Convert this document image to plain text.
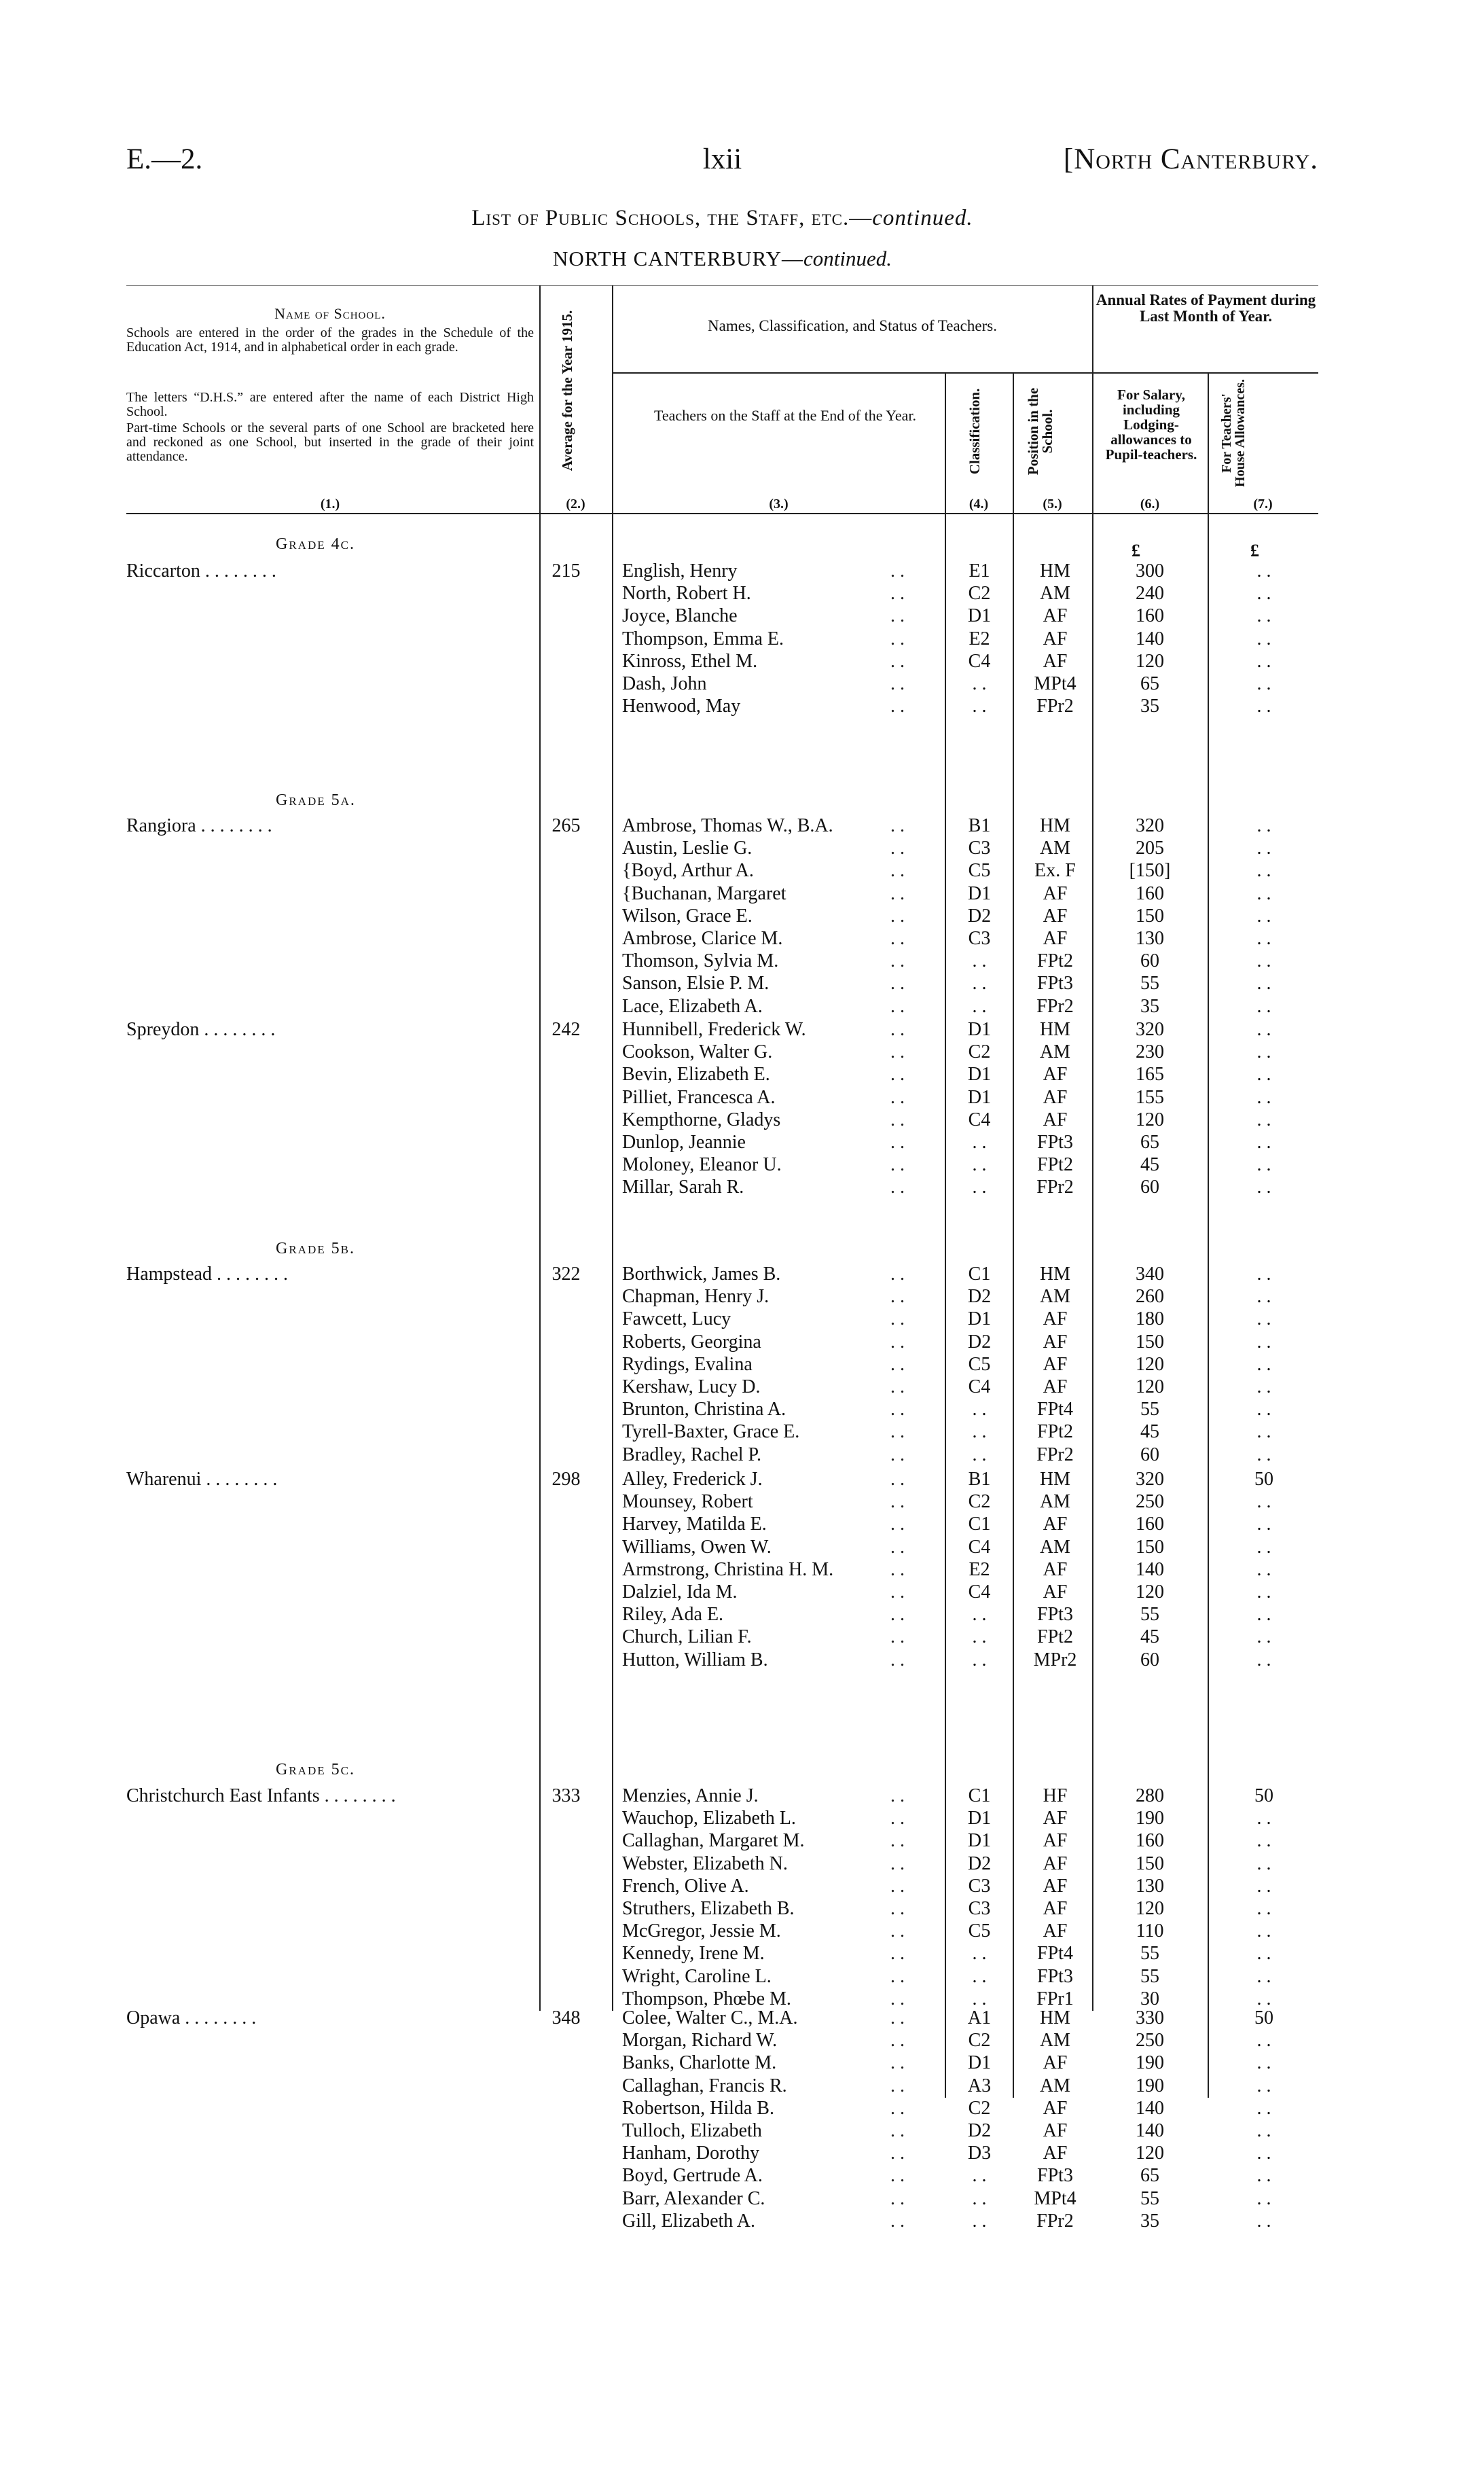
E.—2.	lxii	[North Canterbury.
List of Public Schools, the Staff, etc.—continued.
NORTH CANTERBURY—continued.
Name of School.
Schools are entered in the order of the grades in the Schedule of the Education Act, 1914, and in alphabetical order in each grade.
The letters “D.H.S.” are entered after the name of each District High School.
Part-time Schools or the several parts of one School are bracketed here and reckoned as one School, but inserted in the grade of their joint attendance.
(1.)
Average for the Year 1915.
(2.)
Names, Classification, and Status of Teachers.
Teachers on the Staff at the End of the Year.
(3.)
Classification.
(4.)
Position in the School.
(5.)
Annual Rates of Payment during Last Month of Year.
For Salary, including Lodging-allowances to Pupil-teachers.
(6.)
For Teachers' House Allowances.
(7.)
£	£
Grade 4c.
Riccarton . . . . . . . .	215	English, Henry	. .	E1	HM	300	. .
North, Robert H.	. .	C2	AM	240	. .
Joyce, Blanche	. .	D1	AF	160	. .
Thompson, Emma E.	. .	E2	AF	140	. .
Kinross, Ethel M.	. .	C4	AF	120	. .
Dash, John	. .	. .	MPt4	65	. .
Henwood, May	. .	. .	FPr2	35	. .
Grade 5a.
Rangiora . . . . . . . .	265	Ambrose, Thomas W., B.A.	. .	B1	HM	320	. .
Austin, Leslie G.	. .	C3	AM	205	. .
{Boyd, Arthur A.	. .	C5	Ex. F	[150]	. .
{Buchanan, Margaret	. .	D1	AF	160	. .
Wilson, Grace E.	. .	D2	AF	150	. .
Ambrose, Clarice M.	. .	C3	AF	130	. .
Thomson, Sylvia M.	. .	. .	FPt2	60	. .
Sanson, Elsie P. M.	. .	. .	FPt3	55	. .
Lace, Elizabeth A.	. .	. .	FPr2	35	. .
Spreydon . . . . . . . .	242	Hunnibell, Frederick W.	. .	D1	HM	320	. .
Cookson, Walter G.	. .	C2	AM	230	. .
Bevin, Elizabeth E.	. .	D1	AF	165	. .
Pilliet, Francesca A.	. .	D1	AF	155	. .
Kempthorne, Gladys	. .	C4	AF	120	. .
Dunlop, Jeannie	. .	. .	FPt3	65	. .
Moloney, Eleanor U.	. .	. .	FPt2	45	. .
Millar, Sarah R.	. .	. .	FPr2	60	. .
Grade 5b.
Hampstead . . . . . . . .	322	Borthwick, James B.	. .	C1	HM	340	. .
Chapman, Henry J.	. .	D2	AM	260	. .
Fawcett, Lucy	. .	D1	AF	180	. .
Roberts, Georgina	. .	D2	AF	150	. .
Rydings, Evalina	. .	C5	AF	120	. .
Kershaw, Lucy D.	. .	C4	AF	120	. .
Brunton, Christina A.	. .	. .	FPt4	55	. .
Tyrell-Baxter, Grace E.	. .	. .	FPt2	45	. .
Bradley, Rachel P.	. .	. .	FPr2	60	. .
Wharenui . . . . . . . .	298	Alley, Frederick J.	. .	B1	HM	320	50
Mounsey, Robert	. .	C2	AM	250	. .
Harvey, Matilda E.	. .	C1	AF	160	. .
Williams, Owen W.	. .	C4	AM	150	. .
Armstrong, Christina H. M.	. .	E2	AF	140	. .
Dalziel, Ida M.	. .	C4	AF	120	. .
Riley, Ada E.	. .	. .	FPt3	55	. .
Church, Lilian F.	. .	. .	FPt2	45	. .
Hutton, William B.	. .	. .	MPr2	60	. .
Grade 5c.
Christchurch East Infants . . . . . . . .	333	Menzies, Annie J.	. .	C1	HF	280	50
Wauchop, Elizabeth L.	. .	D1	AF	190	. .
Callaghan, Margaret M.	. .	D1	AF	160	. .
Webster, Elizabeth N.	. .	D2	AF	150	. .
French, Olive A.	. .	C3	AF	130	. .
Struthers, Elizabeth B.	. .	C3	AF	120	. .
McGregor, Jessie M.	. .	C5	AF	110	. .
Kennedy, Irene M.	. .	. .	FPt4	55	. .
Wright, Caroline L.	. .	. .	FPt3	55	. .
Thompson, Phœbe M.	. .	. .	FPr1	30	. .
Opawa . . . . . . . .	348	Colee, Walter C., M.A.	. .	A1	HM	330	50
Morgan, Richard W.	. .	C2	AM	250	. .
Banks, Charlotte M.	. .	D1	AF	190	. .
Callaghan, Francis R.	. .	A3	AM	190	. .
Robertson, Hilda B.	. .	C2	AF	140	. .
Tulloch, Elizabeth	. .	D2	AF	140	. .
Hanham, Dorothy	. .	D3	AF	120	. .
Boyd, Gertrude A.	. .	. .	FPt3	65	. .
Barr, Alexander C.	. .	. .	MPt4	55	. .
Gill, Elizabeth A.	. .	. .	FPr2	35	. .
